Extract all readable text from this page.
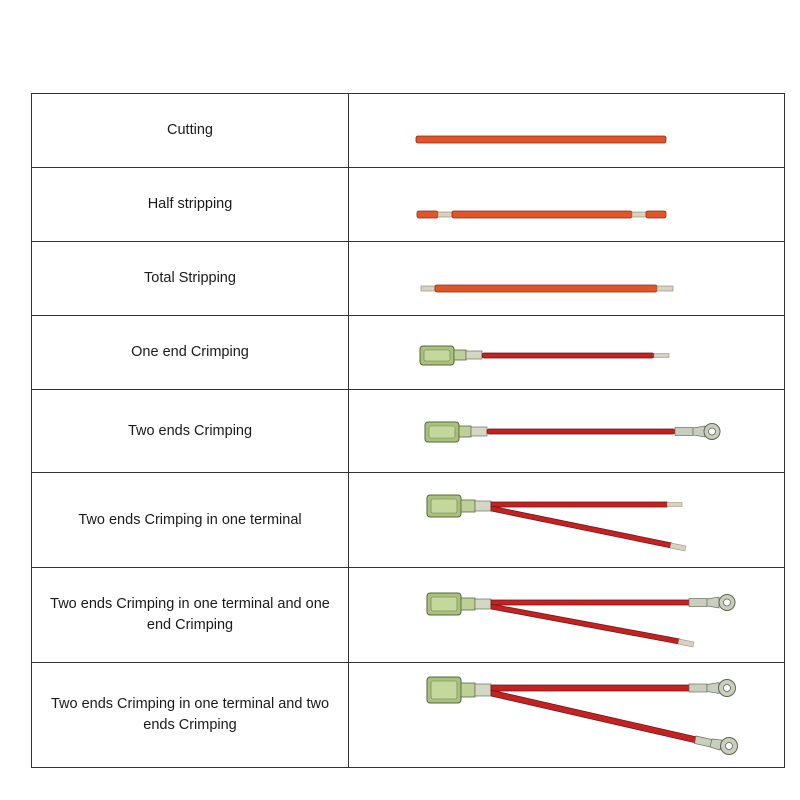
Cutting	

Half stripping	

Total Stripping	

One end Crimping	

Two ends Crimping	

Two ends Crimping in one terminal	

Two ends Crimping in one terminal and one end Crimping	

Two ends Crimping in one terminal and two ends Crimping	
